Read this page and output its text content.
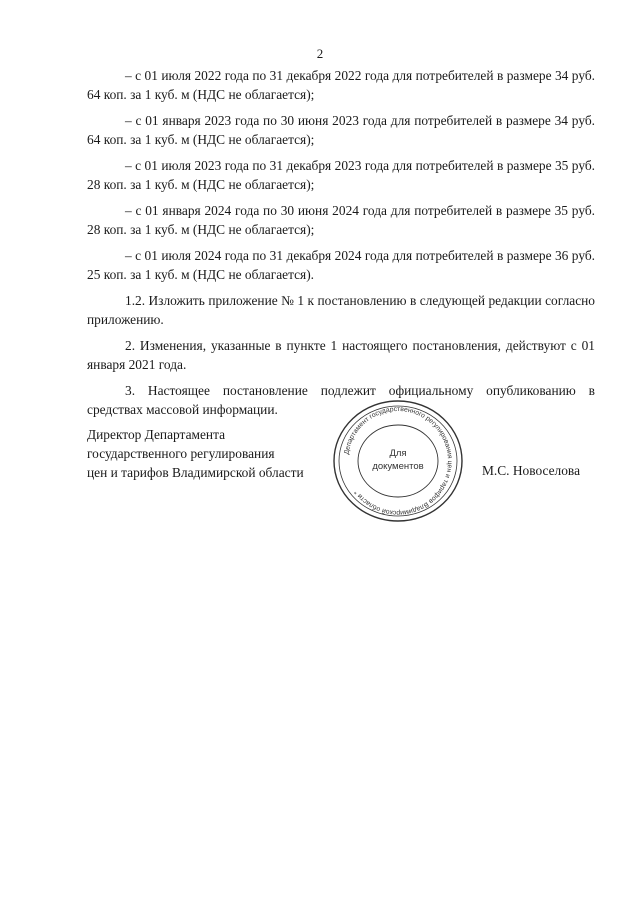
2

– с 01 июля 2022 года по 31 декабря 2022 года для потребителей в размере 34 руб. 64 коп. за 1 куб. м (НДС не облагается);

– с 01 января 2023 года по 30 июня 2023 года для потребителей в размере 34 руб. 64 коп. за 1 куб. м (НДС не облагается);

– с 01 июля 2023 года по 31 декабря 2023 года для потребителей в размере 35 руб. 28 коп. за 1 куб. м (НДС не облагается);

– с 01 января 2024 года по 30 июня 2024 года для потребителей в размере 35 руб. 28 коп. за 1 куб. м (НДС не облагается);

– с 01 июля 2024 года по 31 декабря 2024 года для потребителей в размере 36 руб. 25 коп. за 1 куб. м (НДС не облагается).

1.2. Изложить приложение № 1 к постановлению в следующей редакции согласно приложению.

2. Изменения, указанные в пункте 1 настоящего постановления, действуют с 01 января 2021 года.

3. Настоящее постановление подлежит официальному опубликованию в средствах массовой информации.

Директор Департамента
государственного регулирования
цен и тарифов Владимирской области
Департамент государственного регулирования цен и тарифов Владимирской области *
Для
документов	М.С. Новоселова
